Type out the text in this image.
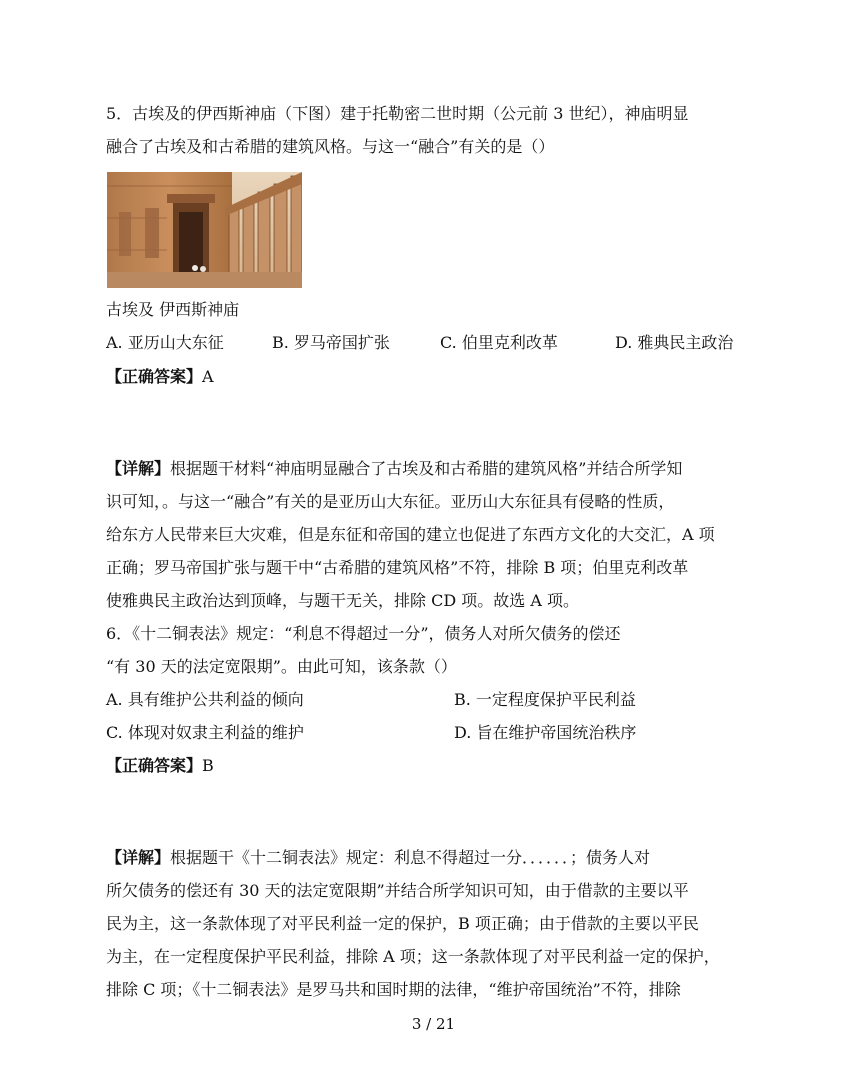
5．古埃及的伊西斯神庙（下图）建于托勒密二世时期（公元前 3 世纪），神庙明显
融合了古埃及和古希腊的建筑风格。与这一“融合”有关的是（）
古埃及 伊西斯神庙
A. 亚历山大东征	B. 罗马帝国扩张	C. 伯里克利改革	D. 雅典民主政治
【正确答案】A
【详解】根据题干材料“神庙明显融合了古埃及和古希腊的建筑风格”并结合所学知
识可知，。与这一“融合”有关的是亚历山大东征。亚历山大东征具有侵略的性质，
给东方人民带来巨大灾难，但是东征和帝国的建立也促进了东西方文化的大交汇，A 项
正确；罗马帝国扩张与题干中“古希腊的建筑风格”不符，排除 B 项；伯里克利改革
使雅典民主政治达到顶峰，与题干无关，排除 CD 项。故选 A 项。
6．《十二铜表法》规定：“利息不得超过一分”，债务人对所欠债务的偿还
“有 30 天的法定宽限期”。由此可知，该条款（）
A. 具有维护公共利益的倾向	B. 一定程度保护平民利益
C. 体现对奴隶主利益的维护	D. 旨在维护帝国统治秩序
【正确答案】B
【详解】根据题干《十二铜表法》规定：利息不得超过一分．．．．．．；债务人对
所欠债务的偿还有 30 天的法定宽限期”并结合所学知识可知，由于借款的主要以平
民为主，这一条款体现了对平民利益一定的保护，B 项正确；由于借款的主要以平民
为主，在一定程度保护平民利益，排除 A 项；这一条款体现了对平民利益一定的保护，
排除 C 项；《十二铜表法》是罗马共和国时期的法律，“维护帝国统治”不符，排除
3 / 21
